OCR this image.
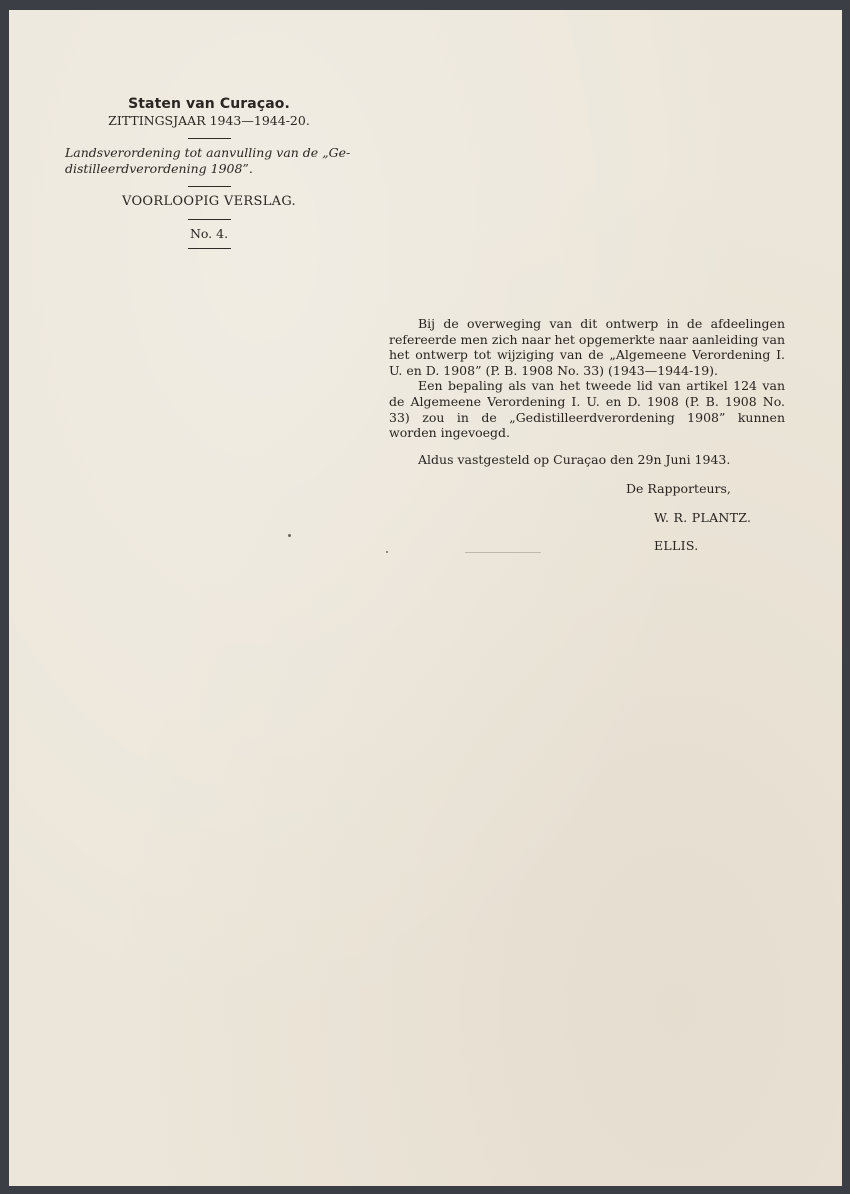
Staten van Curaçao.

ZITTINGSJAAR 1943—1944-20.

Landsverordening tot aanvulling van de „Ge-

distilleerdverordening 1908”.

VOORLOOPIG VERSLAG.

No. 4.

Bij de overweging van dit ontwerp in de afdeelingen refereerde men zich naar het opgemerkte naar aanleiding van het ontwerp tot wijziging van de „Algemeene Verordening I. U. en D. 1908” (P. B. 1908 No. 33) (1943—1944-19).

Een bepaling als van het tweede lid van artikel 124 van de Algemeene Verordening I. U. en D. 1908 (P. B. 1908 No. 33) zou in de „Gedistilleerdverordening 1908” kunnen worden ingevoegd.

Aldus vastgesteld op Curaçao den 29n Juni 1943.
De Rapporteurs,
W. R. PLANTZ.
ELLIS.
